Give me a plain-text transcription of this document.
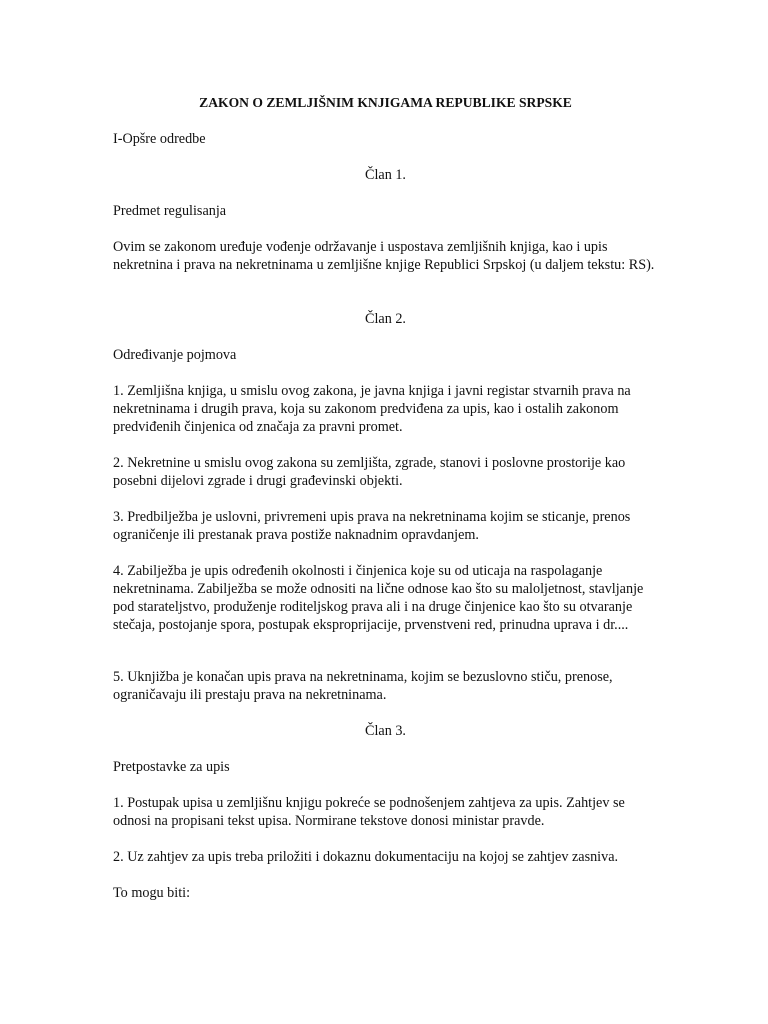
ZAKON O ZEMLJIŠNIM KNJIGAMA REPUBLIKE SRPSKE

I-Opšre odredbe

Član 1.

Predmet regulisanja

Ovim se zakonom uređuje vođenje održavanje i uspostava zemljišnih knjiga, kao i upis nekretnina i prava na nekretninama u zemljišne knjige Republici Srpskoj (u daljem tekstu: RS).

Član 2.

Određivanje pojmova

1. Zemljišna knjiga, u smislu ovog zakona, je javna knjiga i javni registar stvarnih prava na nekretninama i drugih prava, koja su zakonom predviđena za upis, kao i ostalih zakonom predviđenih činjenica od značaja za pravni promet.

2. Nekretnine u smislu ovog zakona su zemljišta, zgrade, stanovi i poslovne prostorije kao posebni dijelovi zgrade i drugi građevinski objekti.

3. Predbilježba je uslovni, privremeni upis prava na nekretninama kojim se sticanje, prenos ograničenje ili prestanak prava postiže naknadnim opravdanjem.

4. Zabilježba je upis određenih okolnosti i činjenica koje su od uticaja na raspolaganje nekretninama. Zabilježba se može odnositi na lične odnose kao što su maloljetnost, stavljanje pod starateljstvo, produženje roditeljskog prava ali i na druge činjenice kao što su otvaranje stečaja, postojanje spora, postupak eksproprijacije, prvenstveni red, prinudna uprava i dr....

5. Uknjižba je konačan upis prava na nekretninama, kojim se bezuslovno stiču, prenose, ograničavaju ili prestaju prava na nekretninama.

Član 3.

Pretpostavke za upis

1. Postupak upisa u zemljišnu knjigu pokreće se podnošenjem zahtjeva za upis. Zahtjev se odnosi na propisani tekst upisa. Normirane tekstove donosi ministar pravde.

2. Uz zahtjev za upis treba priložiti i dokaznu dokumentaciju na kojoj se zahtjev zasniva.

To mogu biti:
